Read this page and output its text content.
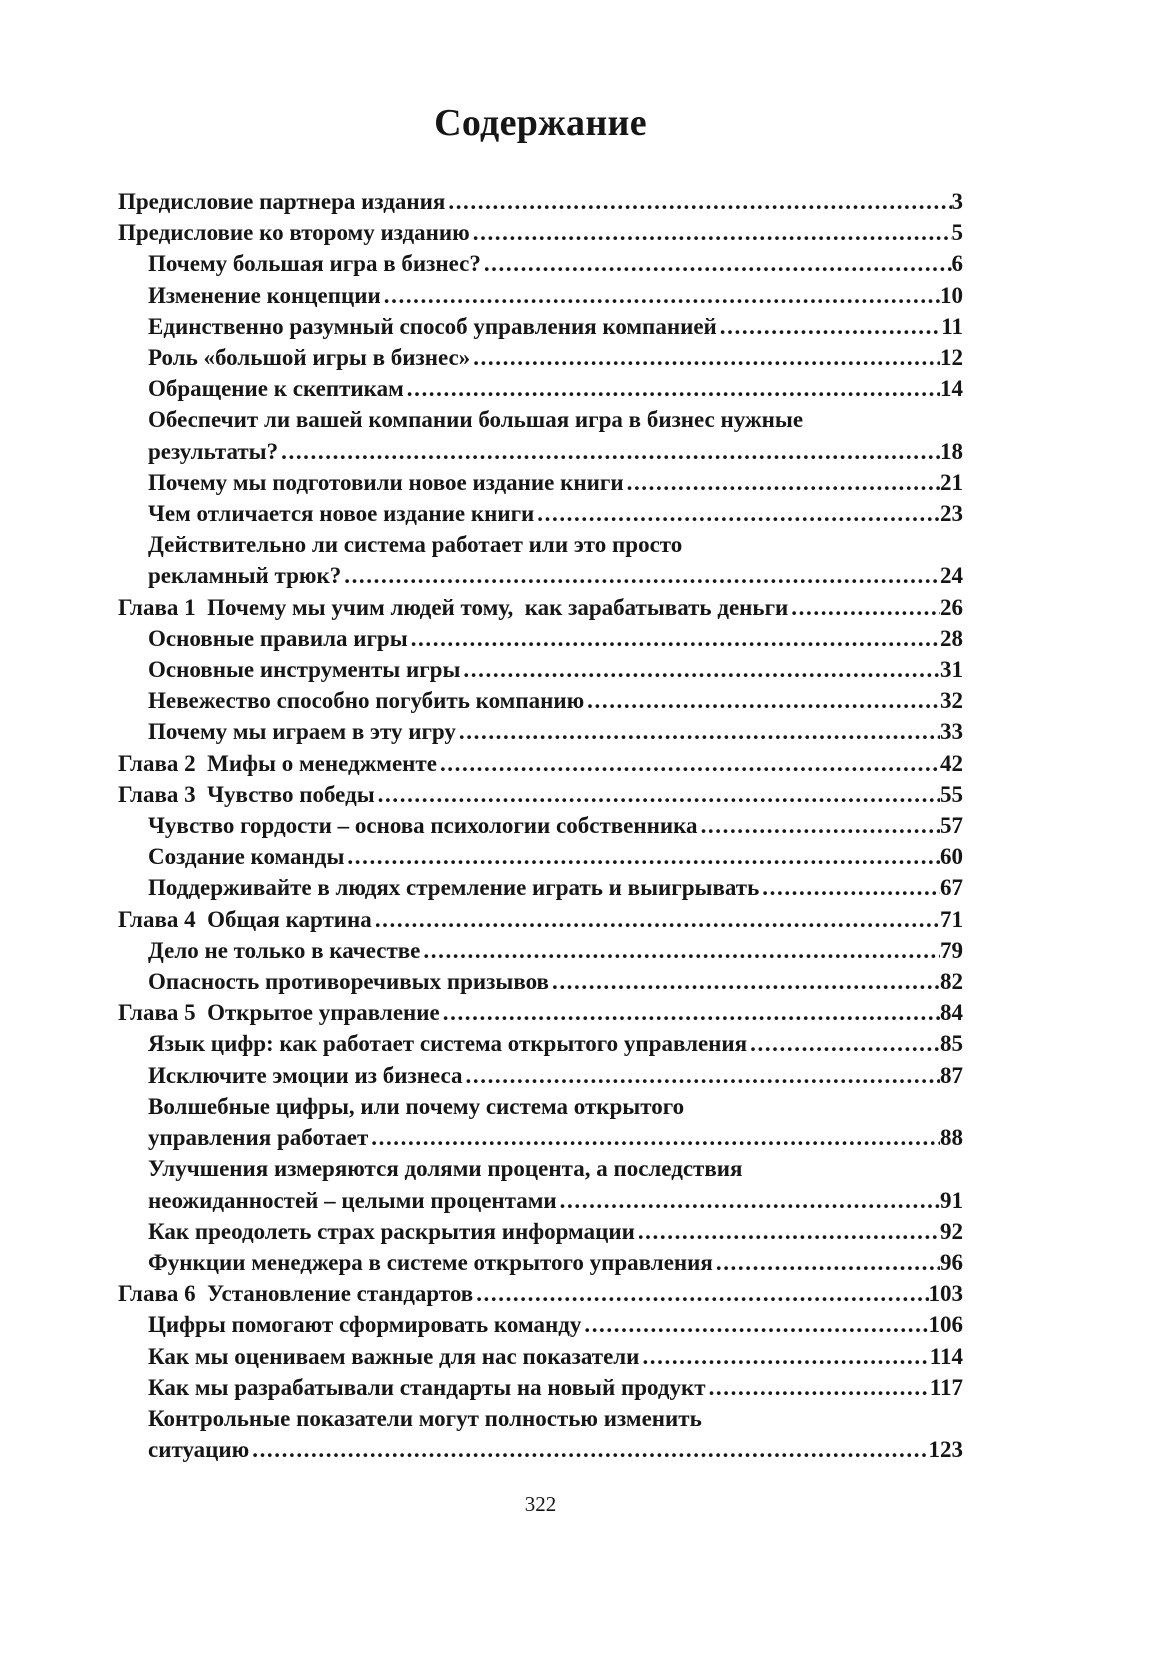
Содержание
Предисловие партнера издания .....	3
Предисловие ко второму изданию .....	5
Почему большая игра в бизнес? .....	6
Изменение концепции .....	10
Единственно разумный способ управления компанией .....	11
Роль «большой игры в бизнес» .....	12
Обращение к скептикам .....	14
Обеспечит ли вашей компании большая игра в бизнес нужные
результаты? .....	18
Почему мы подготовили новое издание книги .....	21
Чем отличается новое издание книги .....	23
Действительно ли система работает или это просто
рекламный трюк? .....	24
Глава 1  Почему мы учим людей тому,  как зарабатывать деньги .....	26
Основные правила игры .....	28
Основные инструменты игры .....	31
Невежество способно погубить компанию .....	32
Почему мы играем в эту игру .....	33
Глава 2  Мифы о менеджменте .....	42
Глава 3  Чувство победы .....	55
Чувство гордости – основа психологии собственника .....	57
Создание команды .....	60
Поддерживайте в людях стремление играть и выигрывать .....	67
Глава 4  Общая картина .....	71
Дело не только в качестве .....	79
Опасность противоречивых призывов .....	82
Глава 5  Открытое управление .....	84
Язык цифр: как работает система открытого управления .....	85
Исключите эмоции из бизнеса .....	87
Волшебные цифры, или почему система открытого
управления работает .....	88
Улучшения измеряются долями процента, а последствия
неожиданностей – целыми процентами .....	91
Как преодолеть страх раскрытия информации .....	92
Функции менеджера в системе открытого управления .....	96
Глава 6  Установление стандартов .....	103
Цифры помогают сформировать команду .....	106
Как мы оцениваем важные для нас показатели .....	114
Как мы разрабатывали стандарты на новый продукт .....	117
Контрольные показатели могут полностью изменить
ситуацию .....	123
322
